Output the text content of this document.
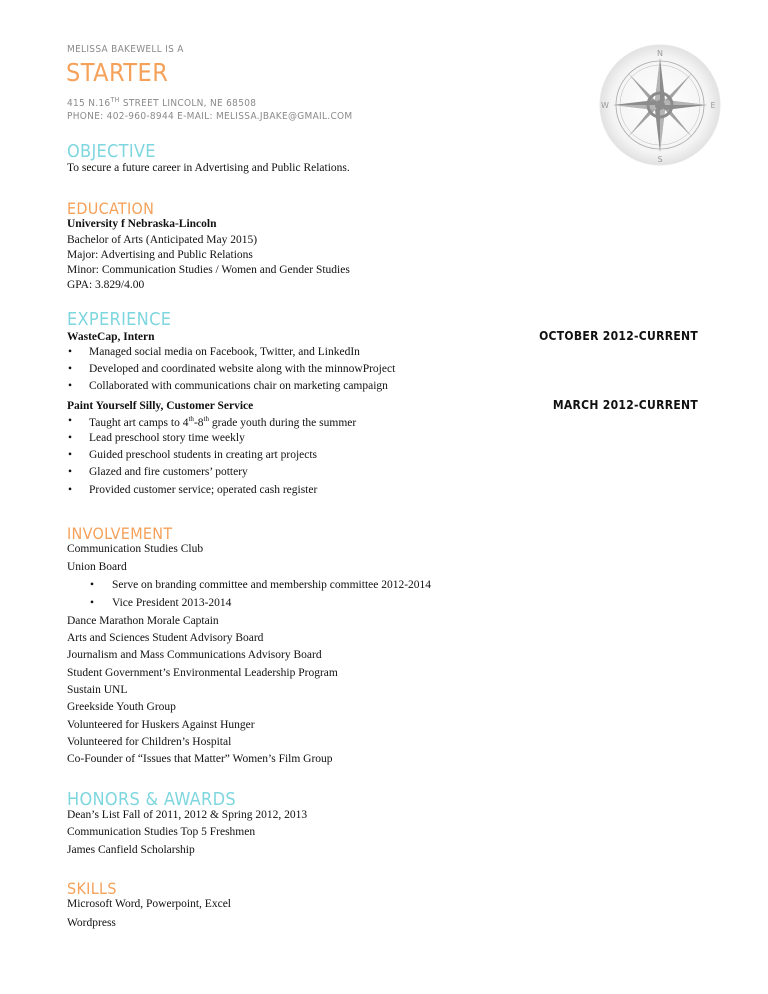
MELISSA BAKEWELL IS A
STARTER
415 N.16TH STREET LINCOLN, NE 68508
PHONE: 402-960-8944 E-MAIL: MELISSA.JBAKE@GMAIL.COM
N
S
W	E
OBJECTIVE
To secure a future career in Advertising and Public Relations.
EDUCATION
University f Nebraska-Lincoln
Bachelor of Arts (Anticipated May 2015)
Major: Advertising and Public Relations
Minor: Communication Studies / Women and Gender Studies
GPA: 3.829/4.00
EXPERIENCE
WasteCap, Intern	OCTOBER 2012-CURRENT
• Managed social media on Facebook, Twitter, and LinkedIn
• Developed and coordinated website along with the minnowProject
• Collaborated with communications chair on marketing campaign
Paint Yourself Silly, Customer Service	MARCH 2012-CURRENT
• Taught art camps to 4th-8th grade youth during the summer
• Lead preschool story time weekly
• Guided preschool students in creating art projects
• Glazed and fire customers’ pottery
• Provided customer service; operated cash register
INVOLVEMENT
Communication Studies Club
Union Board
• Serve on branding committee and membership committee 2012-2014
• Vice President 2013-2014
Dance Marathon Morale Captain
Arts and Sciences Student Advisory Board
Journalism and Mass Communications Advisory Board
Student Government’s Environmental Leadership Program
Sustain UNL
Greekside Youth Group
Volunteered for Huskers Against Hunger
Volunteered for Children’s Hospital
Co-Founder of “Issues that Matter” Women’s Film Group
HONORS & AWARDS
Dean’s List Fall of 2011, 2012 & Spring 2012, 2013
Communication Studies Top 5 Freshmen
James Canfield Scholarship
SKILLS
Microsoft Word, Powerpoint, Excel
Wordpress
